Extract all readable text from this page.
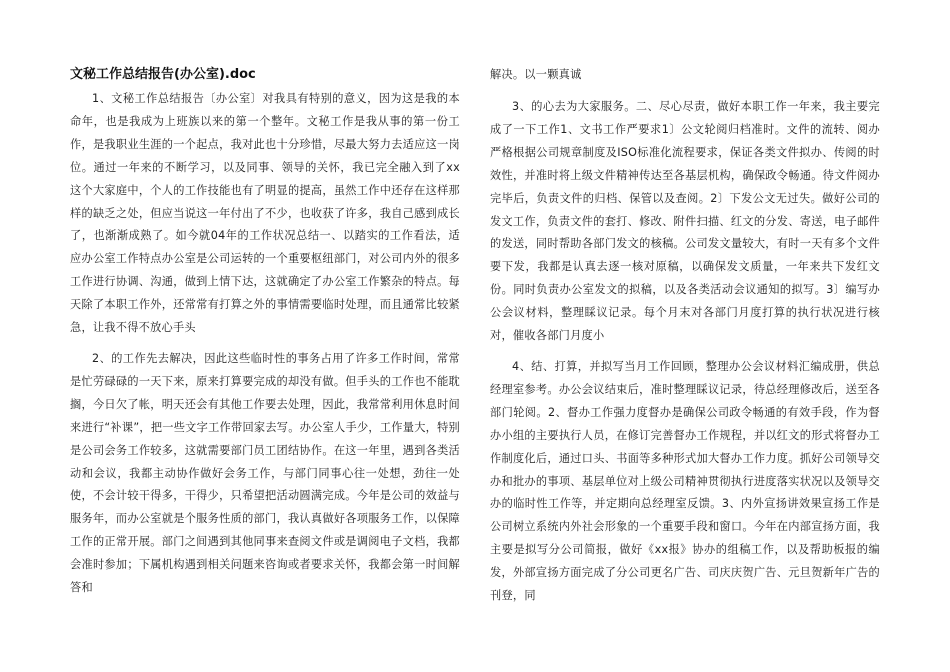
文秘工作总结报告(办公室).doc

1、文秘工作总结报告〔办公室〕对我具有特别的意义，因为这是我的本命年，也是我成为上班族以来的第一个整年。文秘工作是我从事的第一份工作，是我职业生涯的一个起点，我对此也十分珍惜，尽最大努力去适应这一岗位。通过一年来的不断学习，以及同事、领导的关怀，我已完全融入到了xx这个大家庭中，个人的工作技能也有了明显的提高，虽然工作中还存在这样那样的缺乏之处，但应当说这一年付出了不少，也收获了许多，我自己感到成长了，也渐渐成熟了。如今就04年的工作状况总结一、以踏实的工作看法，适应办公室工作特点办公室是公司运转的一个重要枢纽部门，对公司内外的很多工作进行协调、沟通，做到上情下达，这就确定了办公室工作繁杂的特点。每天除了本职工作外，还常常有打算之外的事情需要临时处理，而且通常比较紧急，让我不得不放心手头

2、的工作先去解决，因此这些临时性的事务占用了许多工作时间，常常是忙劳碌碌的一天下来，原来打算要完成的却没有做。但手头的工作也不能耽搁，今日欠了帐，明天还会有其他工作要去处理，因此，我常常利用休息时间来进行“补课”，把一些文字工作带回家去写。办公室人手少，工作量大，特别是公司会务工作较多，这就需要部门员工团结协作。在这一年里，遇到各类活动和会议，我都主动协作做好会务工作，与部门同事心往一处想，劲往一处使，不会计较干得多，干得少，只希望把活动圆满完成。今年是公司的效益与服务年，而办公室就是个服务性质的部门，我认真做好各项服务工作，以保障工作的正常开展。部门之间遇到其他同事来查阅文件或是调阅电子文档，我都会准时参加；下属机构遇到相关问题来咨询或者要求关怀，我都会第一时间解答和

解决。以一颗真诚

3、的心去为大家服务。二、尽心尽责，做好本职工作一年来，我主要完成了一下工作1、文书工作严要求1〕公文轮阅归档准时。文件的流转、阅办严格根据公司规章制度及ISO标准化流程要求，保证各类文件拟办、传阅的时效性，并准时将上级文件精神传达至各基层机构，确保政令畅通。待文件阅办完毕后，负责文件的归档、保管以及查阅。2〕下发公文无过失。做好公司的发文工作，负责文件的套打、修改、附件扫描、红文的分发、寄送，电子邮件的发送，同时帮助各部门发文的核稿。公司发文量较大，有时一天有多个文件要下发，我都是认真去逐一核对原稿，以确保发文质量，一年来共下发红文份。同时负责办公室发文的拟稿，以及各类活动会议通知的拟写。3〕编写办公会议材料，整理睬议记录。每个月末对各部门月度打算的执行状况进行核对，催收各部门月度小

4、结、打算，并拟写当月工作回顾，整理办公会议材料汇编成册，供总经理室参考。办公会议结束后，准时整理睬议记录，待总经理修改后，送至各部门轮阅。2、督办工作强力度督办是确保公司政令畅通的有效手段，作为督办小组的主要执行人员，在修订完善督办工作规程，并以红文的形式将督办工作制度化后，通过口头、书面等多种形式加大督办工作力度。抓好公司领导交办和批办的事项、基层单位对上级公司精神贯彻执行进度落实状况以及领导交办的临时性工作等，并定期向总经理室反馈。3、内外宣扬讲效果宣扬工作是公司树立系统内外社会形象的一个重要手段和窗口。今年在内部宣扬方面，我主要是拟写分公司简报，做好《xx报》协办的组稿工作，以及帮助板报的编发，外部宣扬方面完成了分公司更名广告、司庆庆贺广告、元旦贺新年广告的刊登，同
